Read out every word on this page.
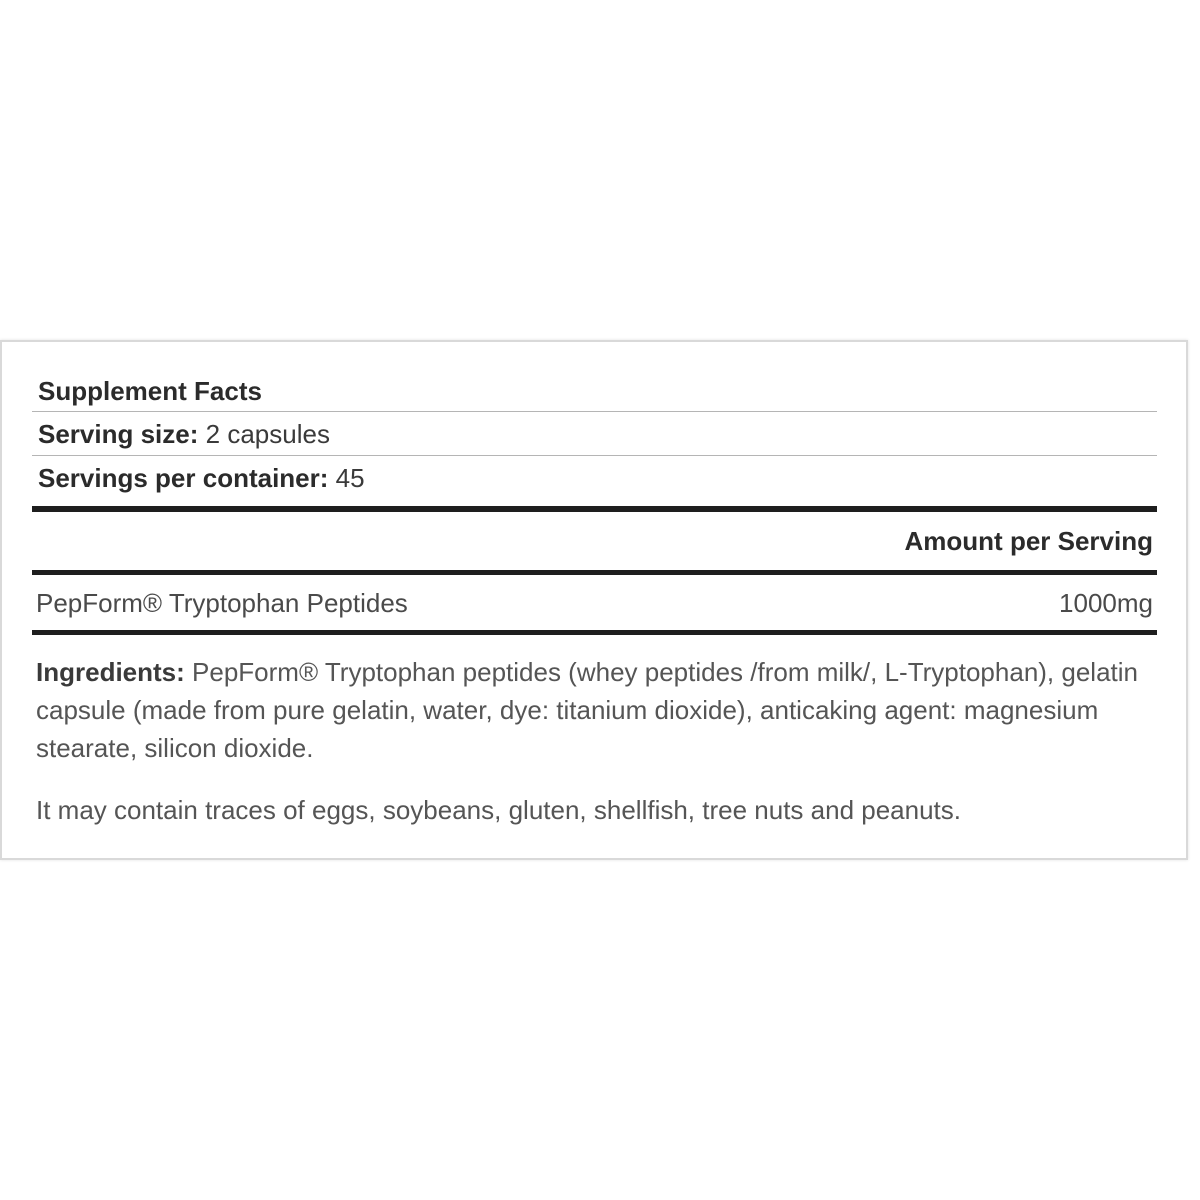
Supplement Facts
Serving size: 2 capsules
Servings per container: 45
Amount per Serving
PepForm® Tryptophan Peptides	1000mg
Ingredients: PepForm® Tryptophan peptides (whey peptides /from milk/, L-Tryptophan), gelatin capsule (made from pure gelatin, water, dye: titanium dioxide), anticaking agent: magnesium stearate, silicon dioxide.
It may contain traces of eggs, soybeans, gluten, shellfish, tree nuts and peanuts.
